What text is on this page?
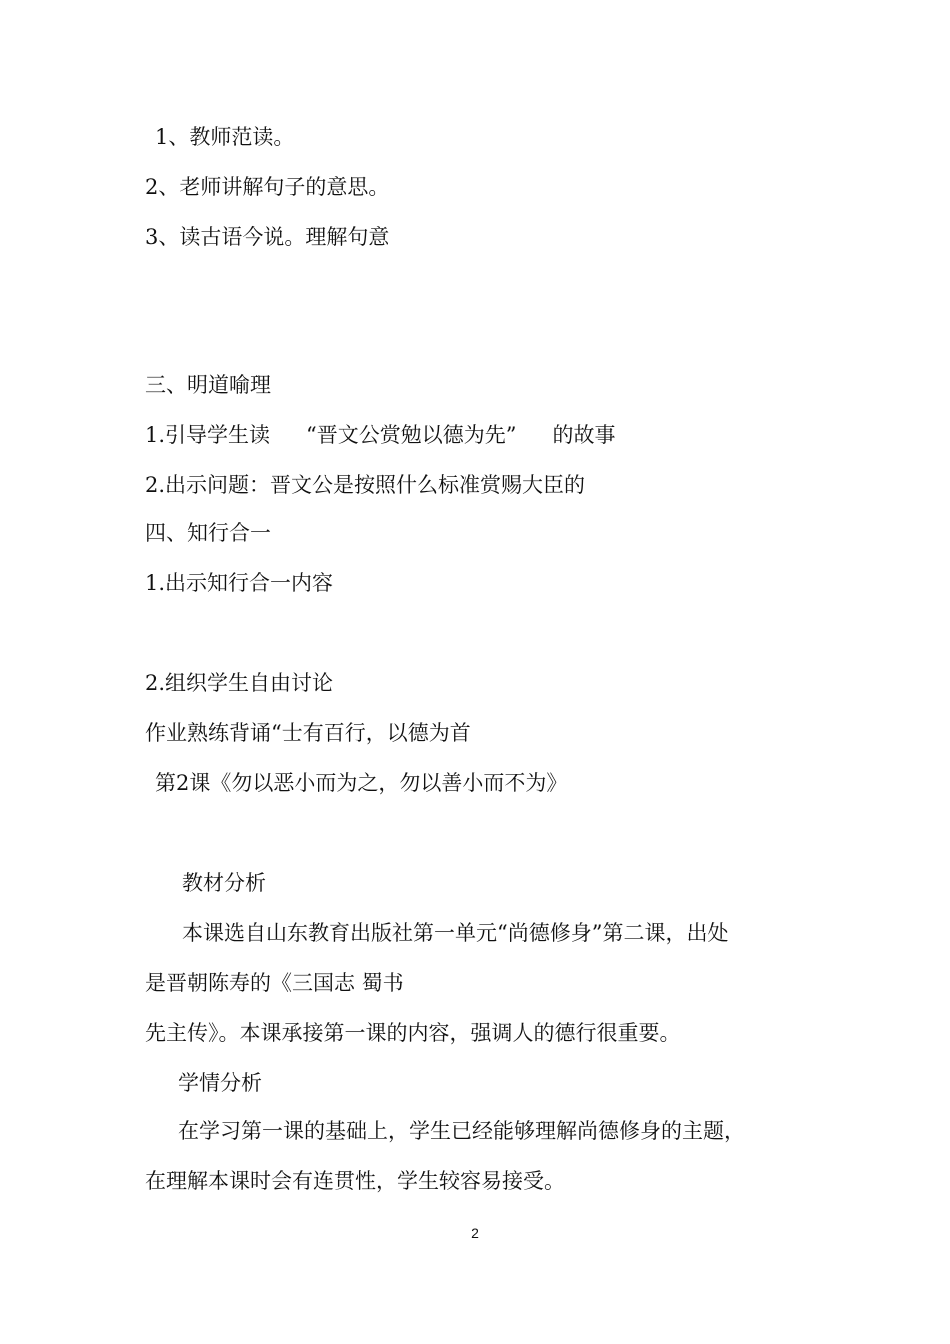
1、教师范读。
2、老师讲解句子的意思。
3、读古语今说。理解句意
三、明道喻理
1.引导学生读 “晋文公赏勉以德为先” 的故事
2.出示问题：晋文公是按照什么标准赏赐大臣的
四、知行合一
1.出示知行合一内容
2.组织学生自由讨论
作业熟练背诵“士有百行，以德为首
第2课《勿以恶小而为之，勿以善小而不为》
教材分析
本课选自山东教育出版社第一单元“尚德修身”第二课，出处
是晋朝陈寿的《三国志 蜀书
先主传》。本课承接第一课的内容，强调人的德行很重要。
学情分析
在学习第一课的基础上，学生已经能够理解尚德修身的主题，
在理解本课时会有连贯性，学生较容易接受。
2
